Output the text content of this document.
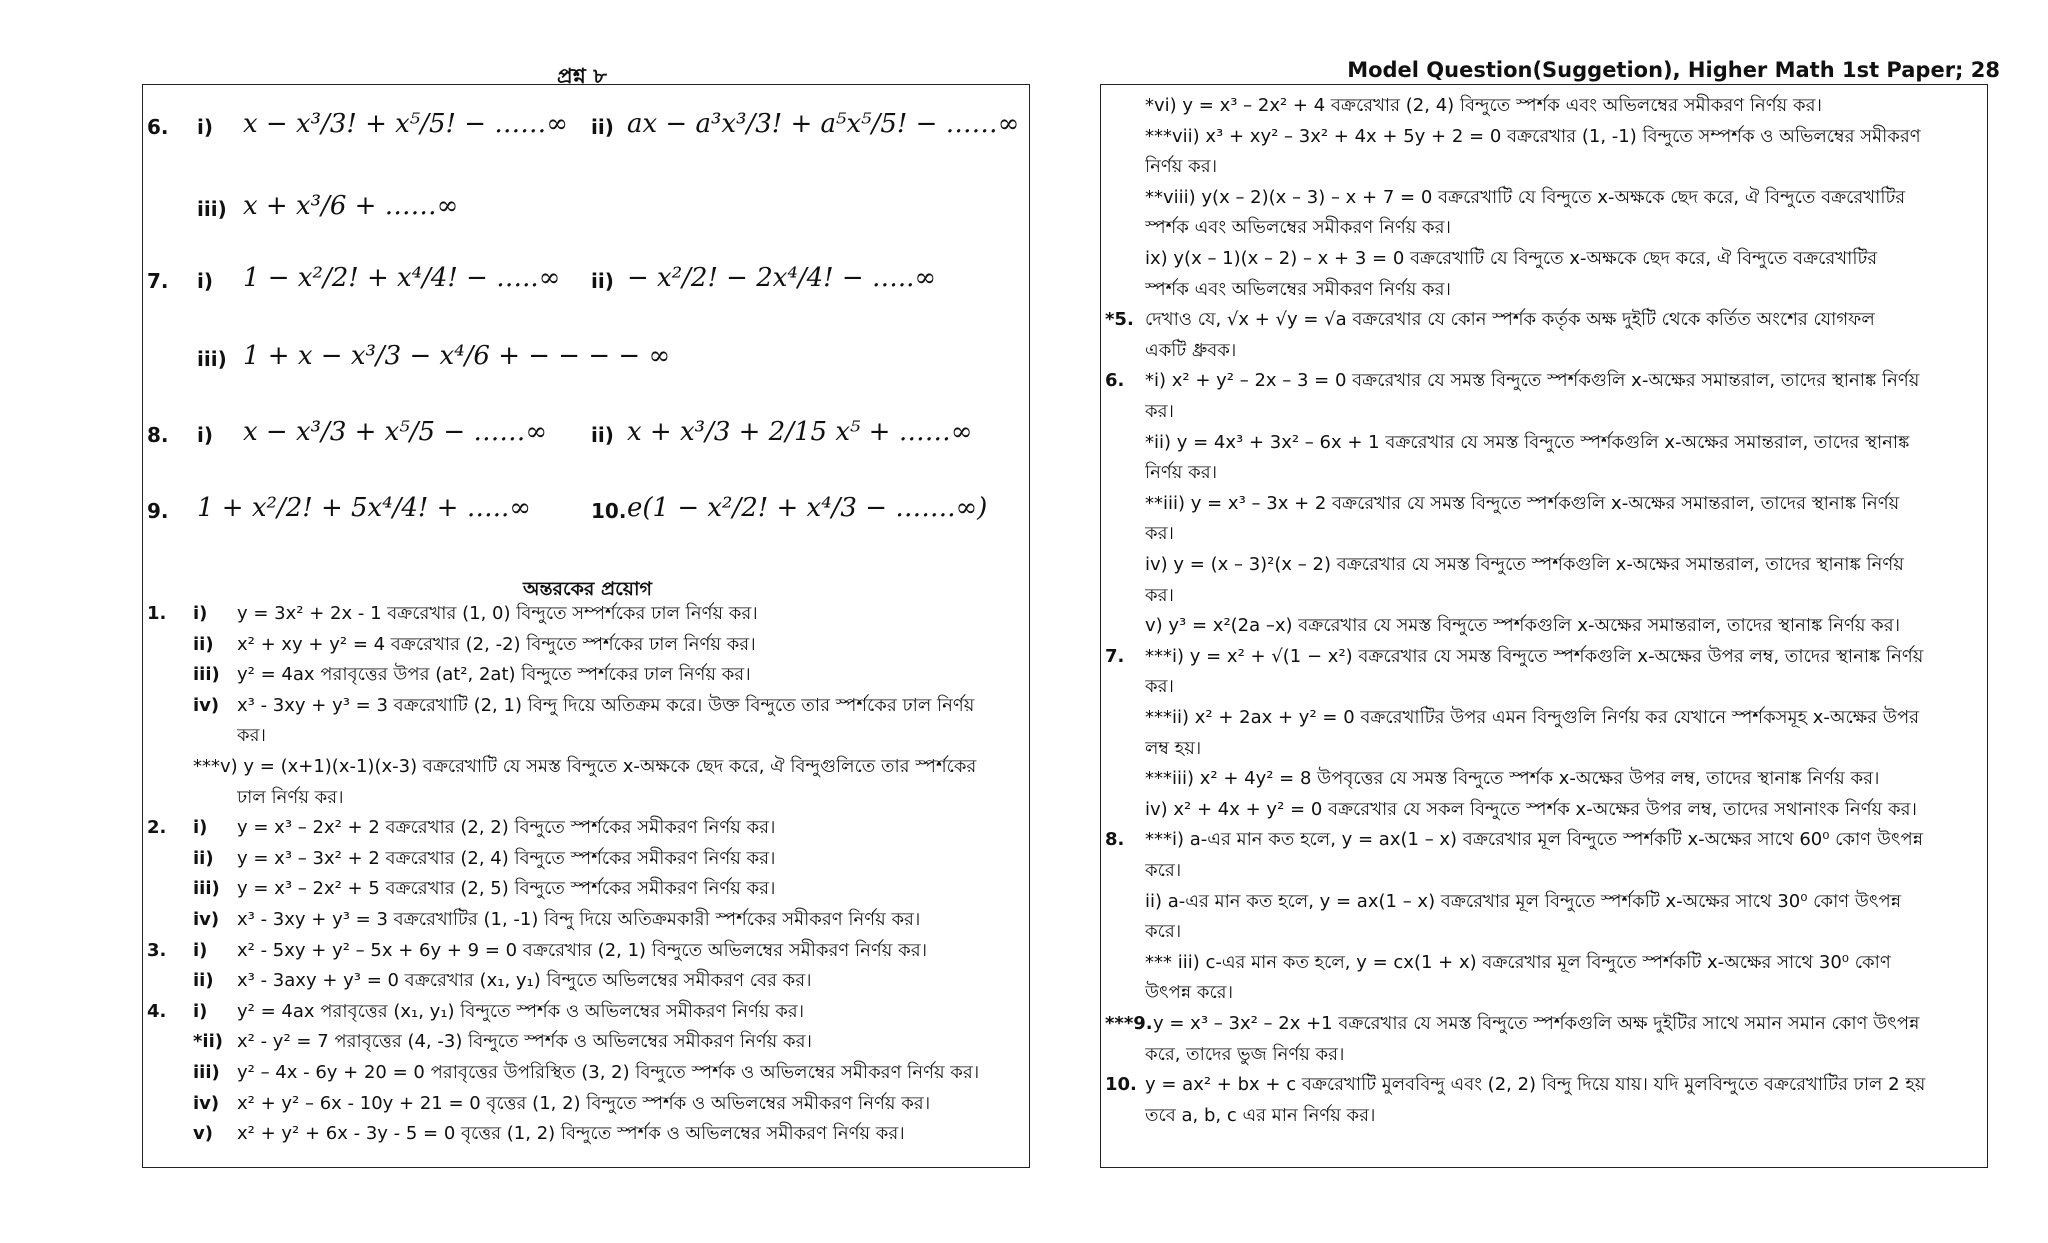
প্রশ্ন ৮	Model Question(Suggetion), Higher Math 1st Paper; 28
6. i) x − x³/3! + x⁵/5! − ……∞ ii) ax − a³x³/3! + a⁵x⁵/5! − ……∞
iii) x + x³/6 + ……∞
7. i) 1 − x²/2! + x⁴/4! − …..∞ ii) − x²/2! − 2x⁴/4! − …..∞
iii) 1 + x − x³/3 − x⁴/6 + − − − − ∞
8. i) x − x³/3 + x⁵/5 − ……∞ ii) x + x³/3 + 2/15 x⁵ + ……∞
9. 1 + x²/2! + 5x⁴/4! + …..∞	10. e(1 − x²/2! + x⁴/3 − …….∞)
অন্তরকের প্রয়োগ
1. i) y = 3x² + 2x - 1 বক্ররেখার (1, 0) বিন্দুতে সম্পর্শকের ঢাল নির্ণয় কর।
ii) x² + xy + y² = 4 বক্ররেখার (2, -2) বিন্দুতে স্পর্শকের ঢাল নির্ণয় কর।
iii) y² = 4ax পরাবৃত্তের উপর (at², 2at) বিন্দুতে স্পর্শকের ঢাল নির্ণয় কর।
iv) x³ - 3xy + y³ = 3 বক্ররেখাটি (2, 1) বিন্দু দিয়ে অতিক্রম করে। উক্ত বিন্দুতে তার স্পর্শকের ঢাল নির্ণয়
কর।
***v) y = (x+1)(x-1)(x-3) বক্ররেখাটি যে সমস্ত বিন্দুতে x-অক্ষকে ছেদ করে, ঐ বিন্দুগুলিতে তার স্পর্শকের
ঢাল নির্ণয় কর।
2. i) y = x³ – 2x² + 2 বক্ররেখার (2, 2) বিন্দুতে স্পর্শকের সমীকরণ নির্ণয় কর।
ii) y = x³ – 3x² + 2 বক্ররেখার (2, 4) বিন্দুতে স্পর্শকের সমীকরণ নির্ণয় কর।
iii) y = x³ – 2x² + 5 বক্ররেখার (2, 5) বিন্দুতে স্পর্শকের সমীকরণ নির্ণয় কর।
iv) x³ - 3xy + y³ = 3 বক্ররেখাটির (1, -1) বিন্দু দিয়ে অতিক্রমকারী স্পর্শকের সমীকরণ নির্ণয় কর।
3. i) x² - 5xy + y² – 5x + 6y + 9 = 0 বক্ররেখার (2, 1) বিন্দুতে অভিলম্বের সমীকরণ নির্ণয় কর।
ii) x³ - 3axy + y³ = 0 বক্ররেখার (x₁, y₁) বিন্দুতে অভিলম্বের সমীকরণ বের কর।
4. i) y² = 4ax পরাবৃত্তের (x₁, y₁) বিন্দুতে স্পর্শক ও অভিলম্বের সমীকরণ নির্ণয় কর।
*ii) x² - y² = 7 পরাবৃত্তের (4, -3) বিন্দুতে স্পর্শক ও অভিলম্বের সমীকরণ নির্ণয় কর।
iii) y² – 4x - 6y + 20 = 0 পরাবৃত্তের উপরিস্থিত (3, 2) বিন্দুতে স্পর্শক ও অভিলম্বের সমীকরণ নির্ণয় কর।
iv) x² + y² – 6x - 10y + 21 = 0 বৃত্তের (1, 2) বিন্দুতে স্পর্শক ও অভিলম্বের সমীকরণ নির্ণয় কর।
v) x² + y² + 6x - 3y - 5 = 0 বৃত্তের (1, 2) বিন্দুতে স্পর্শক ও অভিলম্বের সমীকরণ নির্ণয় কর।
*vi) y = x³ – 2x² + 4 বক্ররেখার (2, 4) বিন্দুতে স্পর্শক এবং অভিলম্বের সমীকরণ নির্ণয় কর।
***vii) x³ + xy² – 3x² + 4x + 5y + 2 = 0 বক্ররেখার (1, -1) বিন্দুতে সম্পর্শক ও অভিলম্বের সমীকরণ
নির্ণয় কর।
**viii) y(x – 2)(x – 3) – x + 7 = 0 বক্ররেখাটি যে বিন্দুতে x-অক্ষকে ছেদ করে, ঐ বিন্দুতে বক্ররেখাটির
স্পর্শক এবং অভিলম্বের সমীকরণ নির্ণয় কর।
ix) y(x – 1)(x – 2) – x + 3 = 0 বক্ররেখাটি যে বিন্দুতে x-অক্ষকে ছেদ করে, ঐ বিন্দুতে বক্ররেখাটির
স্পর্শক এবং অভিলম্বের সমীকরণ নির্ণয় কর।
*5. দেখাও যে, √x + √y = √a বক্ররেখার যে কোন স্পর্শক কর্তৃক অক্ষ দুইটি থেকে কর্তিত অংশের যোগফল
একটি ধ্রুবক।
6. *i) x² + y² – 2x – 3 = 0 বক্ররেখার যে সমস্ত বিন্দুতে স্পর্শকগুলি x-অক্ষের সমান্তরাল, তাদের স্থানাঙ্ক নির্ণয়
কর।
*ii) y = 4x³ + 3x² – 6x + 1 বক্ররেখার যে সমস্ত বিন্দুতে স্পর্শকগুলি x-অক্ষের সমান্তরাল, তাদের স্থানাঙ্ক
নির্ণয় কর।
**iii) y = x³ – 3x + 2 বক্ররেখার যে সমস্ত বিন্দুতে স্পর্শকগুলি x-অক্ষের সমান্তরাল, তাদের স্থানাঙ্ক নির্ণয়
কর।
iv) y = (x – 3)²(x – 2) বক্ররেখার যে সমস্ত বিন্দুতে স্পর্শকগুলি x-অক্ষের সমান্তরাল, তাদের স্থানাঙ্ক নির্ণয়
কর।
v) y³ = x²(2a –x) বক্ররেখার যে সমস্ত বিন্দুতে স্পর্শকগুলি x-অক্ষের সমান্তরাল, তাদের স্থানাঙ্ক নির্ণয় কর।
7. ***i) y = x² + √(1 − x²) বক্ররেখার যে সমস্ত বিন্দুতে স্পর্শকগুলি x-অক্ষের উপর লম্ব, তাদের স্থানাঙ্ক নির্ণয়
কর।
***ii) x² + 2ax + y² = 0 বক্ররেখাটির উপর এমন বিন্দুগুলি নির্ণয় কর যেখানে স্পর্শকসমূহ x-অক্ষের উপর
লম্ব হয়।
***iii) x² + 4y² = 8 উপবৃত্তের যে সমস্ত বিন্দুতে স্পর্শক x-অক্ষের উপর লম্ব, তাদের স্থানাঙ্ক নির্ণয় কর।
iv) x² + 4x + y² = 0 বক্ররেখার যে সকল বিন্দুতে স্পর্শক x-অক্ষের উপর লম্ব, তাদের সথানাংক নির্ণয় কর।
8. ***i) a-এর মান কত হলে, y = ax(1 – x) বক্ররেখার মূল বিন্দুতে স্পর্শকটি x-অক্ষের সাথে 60⁰ কোণ উৎপন্ন
করে।
ii) a-এর মান কত হলে, y = ax(1 – x) বক্ররেখার মূল বিন্দুতে স্পর্শকটি x-অক্ষের সাথে 30⁰ কোণ উৎপন্ন
করে।
*** iii) c-এর মান কত হলে, y = cx(1 + x) বক্ররেখার মূল বিন্দুতে স্পর্শকটি x-অক্ষের সাথে 30⁰ কোণ
উৎপন্ন করে।
***9. y = x³ – 3x² – 2x +1 বক্ররেখার যে সমস্ত বিন্দুতে স্পর্শকগুলি অক্ষ দুইটির সাথে সমান সমান কোণ উৎপন্ন
করে, তাদের ভুজ নির্ণয় কর।
10. y = ax² + bx + c বক্ররেখাটি মুলববিন্দু এবং (2, 2) বিন্দু দিয়ে যায়। যদি মুলবিন্দুতে বক্ররেখাটির ঢাল 2 হয়
তবে a, b, c এর মান নির্ণয় কর।
